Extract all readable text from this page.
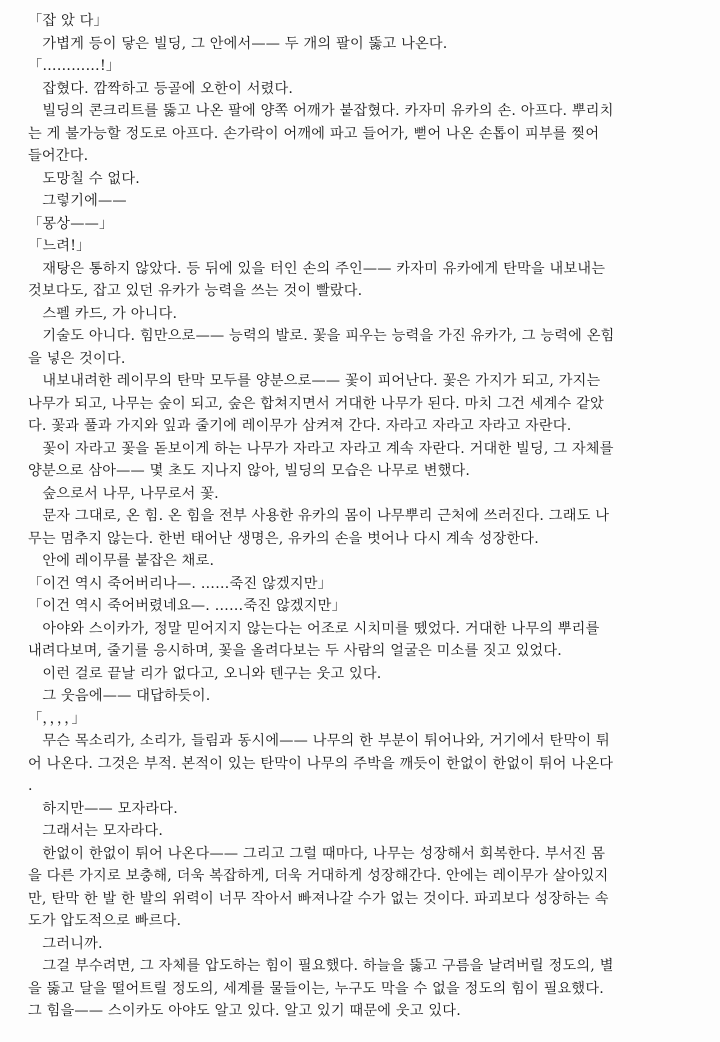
「잡 았 다」
　가볍게 등이 닿은 빌딩, 그 안에서—— 두 개의 팔이 뚫고 나온다.
「…………!」
　잡혔다. 깜짝하고 등골에 오한이 서렸다.
　빌딩의 콘크리트를 뚫고 나온 팔에 양쪽 어깨가 붙잡혔다. 카자미 유카의 손. 아프다. 뿌리치
는 게 불가능할 정도로 아프다. 손가락이 어깨에 파고 들어가, 뻗어 나온 손톱이 피부를 찢어
들어간다.
　도망칠 수 없다.
　그렇기에——
「몽상——」
「느려!」
　재탕은 통하지 않았다. 등 뒤에 있을 터인 손의 주인—— 카자미 유카에게 탄막을 내보내는
것보다도, 잡고 있던 유카가 능력을 쓰는 것이 빨랐다.
　스펠 카드, 가 아니다.
　기술도 아니다. 힘만으로—— 능력의 발로. 꽃을 피우는 능력을 가진 유카가, 그 능력에 온힘
을 넣은 것이다.
　내보내려한 레이무의 탄막 모두를 양분으로—— 꽃이 피어난다. 꽃은 가지가 되고, 가지는
나무가 되고, 나무는 숲이 되고, 숲은 합쳐지면서 거대한 나무가 된다. 마치 그건 세계수 같았
다. 꽃과 풀과 가지와 잎과 줄기에 레이무가 삼켜져 간다. 자라고 자라고 자라고 자란다.
　꽃이 자라고 꽃을 돋보이게 하는 나무가 자라고 자라고 계속 자란다. 거대한 빌딩, 그 자체를
양분으로 삼아—— 몇 초도 지나지 않아, 빌딩의 모습은 나무로 변했다.
　숲으로서 나무, 나무로서 꽃.
　문자 그대로, 온 힘. 온 힘을 전부 사용한 유카의 몸이 나무뿌리 근처에 쓰러진다. 그래도 나
무는 멈추지 않는다. 한번 태어난 생명은, 유카의 손을 벗어나 다시 계속 성장한다.
　안에 레이무를 붙잡은 채로.
「이건 역시 죽어버리나—. ……죽진 않겠지만」
「이건 역시 죽어버렸네요—. ……죽진 않겠지만」
　아야와 스이카가, 정말 믿어지지 않는다는 어조로 시치미를 뗐었다. 거대한 나무의 뿌리를
내려다보며, 줄기를 응시하며, 꽃을 올려다보는 두 사람의 얼굴은 미소를 짓고 있었다.
　이런 걸로 끝날 리가 없다고, 오니와 텐구는 웃고 있다.
　그 웃음에—— 대답하듯이.
「，，，，」
　무슨 목소리가, 소리가, 들림과 동시에—— 나무의 한 부분이 튀어나와, 거기에서 탄막이 튀
어 나온다. 그것은 부적. 본적이 있는 탄막이 나무의 주박을 깨듯이 한없이 한없이 튀어 나온다
.
　하지만—— 모자라다.
　그래서는 모자라다.
　한없이 한없이 튀어 나온다—— 그리고 그럴 때마다, 나무는 성장해서 회복한다. 부서진 몸
을 다른 가지로 보충해, 더욱 복잡하게, 더욱 거대하게 성장해간다. 안에는 레이무가 살아있지
만, 탄막 한 발 한 발의 위력이 너무 작아서 빠져나갈 수가 없는 것이다. 파괴보다 성장하는 속
도가 압도적으로 빠르다.
　그러니까.
　그걸 부수려면, 그 자체를 압도하는 힘이 필요했다. 하늘을 뚫고 구름을 날려버릴 정도의, 별
을 뚫고 달을 떨어트릴 정도의, 세계를 물들이는, 누구도 막을 수 없을 정도의 힘이 필요했다.
그 힘을—— 스이카도 아야도 알고 있다. 알고 있기 때문에 웃고 있다.
